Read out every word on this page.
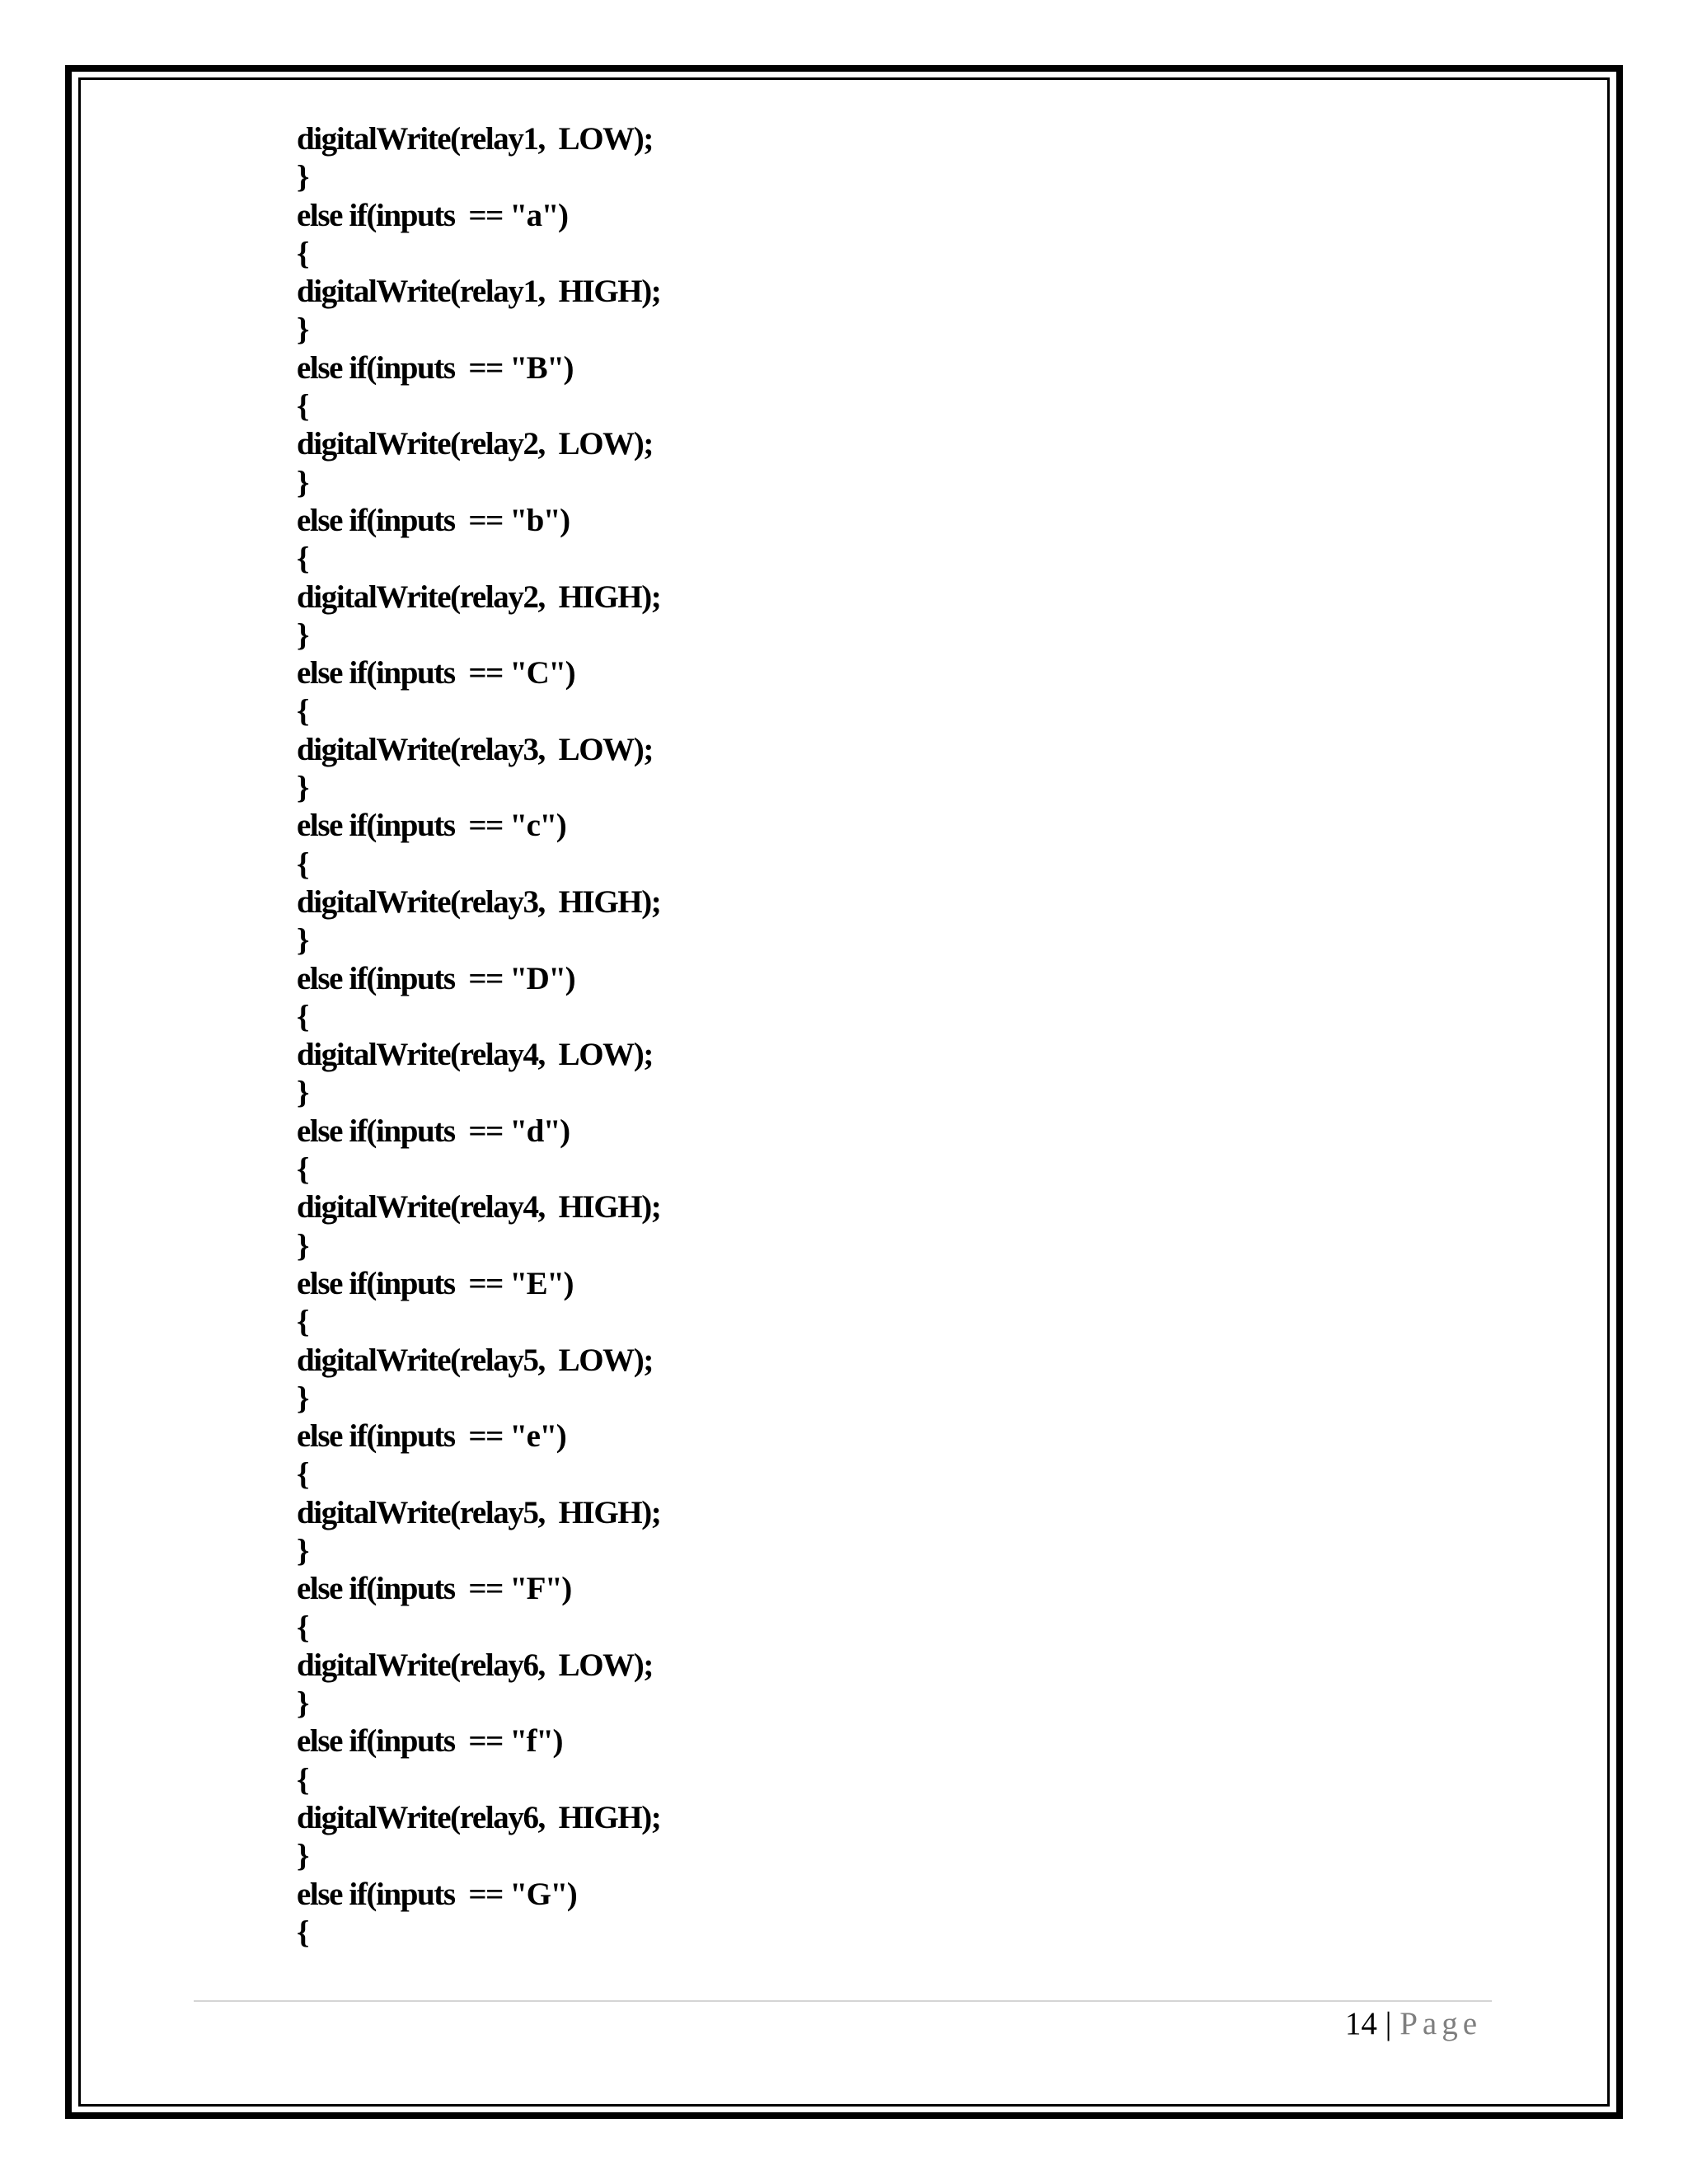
digitalWrite(relay1,  LOW);
}
else if(inputs  == "a")
{
digitalWrite(relay1,  HIGH);
}
else if(inputs  == "B")
{
digitalWrite(relay2,  LOW);
}
else if(inputs  == "b")
{
digitalWrite(relay2,  HIGH);
}
else if(inputs  == "C")
{
digitalWrite(relay3,  LOW);
}
else if(inputs  == "c")
{
digitalWrite(relay3,  HIGH);
}
else if(inputs  == "D")
{
digitalWrite(relay4,  LOW);
}
else if(inputs  == "d")
{
digitalWrite(relay4,  HIGH);
}
else if(inputs  == "E")
{
digitalWrite(relay5,  LOW);
}
else if(inputs  == "e")
{
digitalWrite(relay5,  HIGH);
}
else if(inputs  == "F")
{
digitalWrite(relay6,  LOW);
}
else if(inputs  == "f")
{
digitalWrite(relay6,  HIGH);
}
else if(inputs  == "G")
{
14 | Page
